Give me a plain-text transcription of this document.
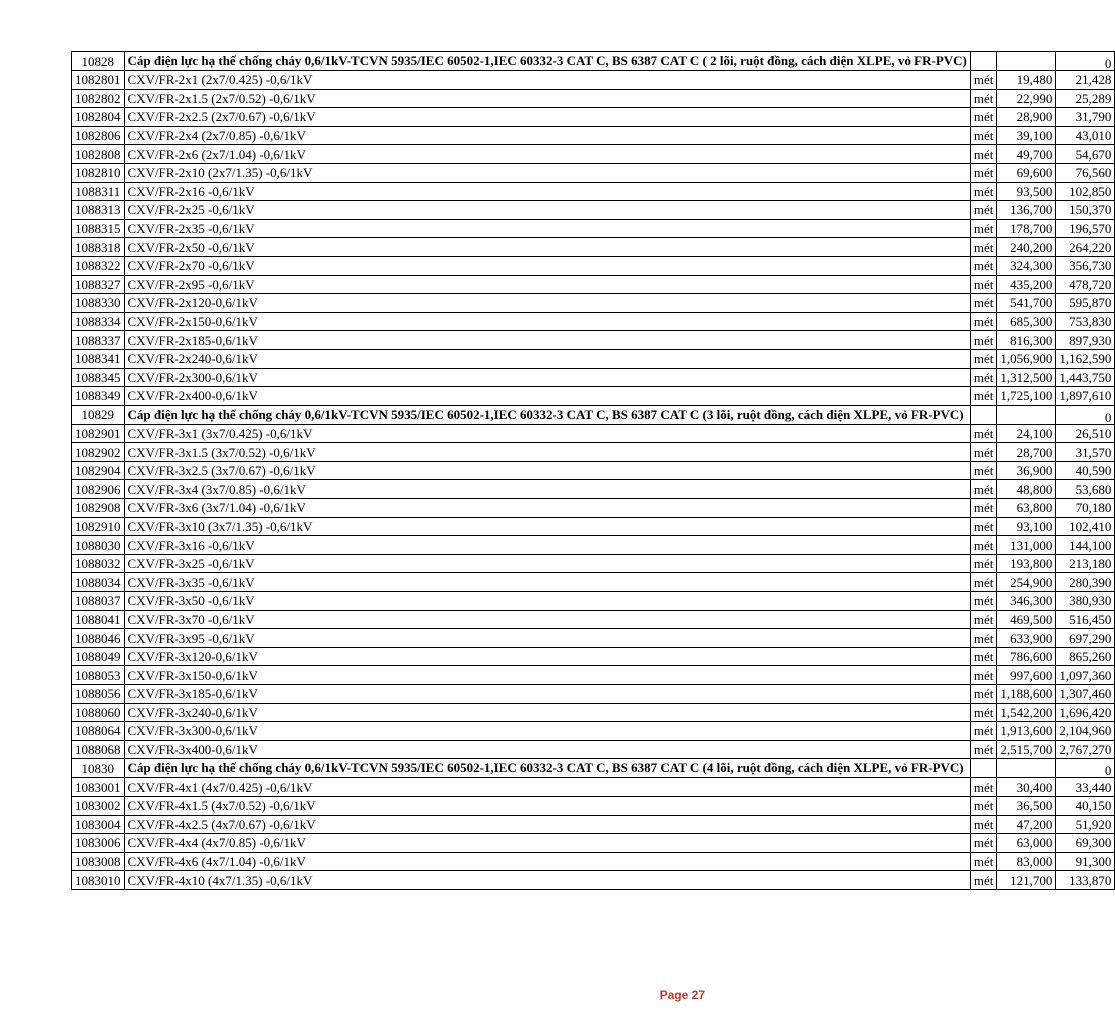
10828	Cáp điện lực hạ thế chống cháy 0,6/1kV-TCVN 5935/IEC 60502-1,IEC 60332-3 CAT C, BS 6387 CAT C ( 2 lõi, ruột đồng, cách điện XLPE, vỏ FR-PVC)			0
1082801	CXV/FR-2x1 (2x7/0.425) -0,6/1kV	mét	19,480	21,428
1082802	CXV/FR-2x1.5 (2x7/0.52) -0,6/1kV	mét	22,990	25,289
1082804	CXV/FR-2x2.5 (2x7/0.67) -0,6/1kV	mét	28,900	31,790
1082806	CXV/FR-2x4 (2x7/0.85) -0,6/1kV	mét	39,100	43,010
1082808	CXV/FR-2x6 (2x7/1.04) -0,6/1kV	mét	49,700	54,670
1082810	CXV/FR-2x10 (2x7/1.35) -0,6/1kV	mét	69,600	76,560
1088311	CXV/FR-2x16 -0,6/1kV	mét	93,500	102,850
1088313	CXV/FR-2x25 -0,6/1kV	mét	136,700	150,370
1088315	CXV/FR-2x35 -0,6/1kV	mét	178,700	196,570
1088318	CXV/FR-2x50 -0,6/1kV	mét	240,200	264,220
1088322	CXV/FR-2x70 -0,6/1kV	mét	324,300	356,730
1088327	CXV/FR-2x95 -0,6/1kV	mét	435,200	478,720
1088330	CXV/FR-2x120-0,6/1kV	mét	541,700	595,870
1088334	CXV/FR-2x150-0,6/1kV	mét	685,300	753,830
1088337	CXV/FR-2x185-0,6/1kV	mét	816,300	897,930
1088341	CXV/FR-2x240-0,6/1kV	mét	1,056,900	1,162,590
1088345	CXV/FR-2x300-0,6/1kV	mét	1,312,500	1,443,750
1088349	CXV/FR-2x400-0,6/1kV	mét	1,725,100	1,897,610
10829	Cáp điện lực hạ thế chống cháy 0,6/1kV-TCVN 5935/IEC 60502-1,IEC 60332-3 CAT C, BS 6387 CAT C (3 lõi, ruột đồng, cách điện XLPE, vỏ FR-PVC)			0
1082901	CXV/FR-3x1 (3x7/0.425) -0,6/1kV	mét	24,100	26,510
1082902	CXV/FR-3x1.5 (3x7/0.52) -0,6/1kV	mét	28,700	31,570
1082904	CXV/FR-3x2.5 (3x7/0.67) -0,6/1kV	mét	36,900	40,590
1082906	CXV/FR-3x4 (3x7/0.85) -0,6/1kV	mét	48,800	53,680
1082908	CXV/FR-3x6 (3x7/1.04) -0,6/1kV	mét	63,800	70,180
1082910	CXV/FR-3x10 (3x7/1.35) -0,6/1kV	mét	93,100	102,410
1088030	CXV/FR-3x16 -0,6/1kV	mét	131,000	144,100
1088032	CXV/FR-3x25 -0,6/1kV	mét	193,800	213,180
1088034	CXV/FR-3x35 -0,6/1kV	mét	254,900	280,390
1088037	CXV/FR-3x50 -0,6/1kV	mét	346,300	380,930
1088041	CXV/FR-3x70 -0,6/1kV	mét	469,500	516,450
1088046	CXV/FR-3x95 -0,6/1kV	mét	633,900	697,290
1088049	CXV/FR-3x120-0,6/1kV	mét	786,600	865,260
1088053	CXV/FR-3x150-0,6/1kV	mét	997,600	1,097,360
1088056	CXV/FR-3x185-0,6/1kV	mét	1,188,600	1,307,460
1088060	CXV/FR-3x240-0,6/1kV	mét	1,542,200	1,696,420
1088064	CXV/FR-3x300-0,6/1kV	mét	1,913,600	2,104,960
1088068	CXV/FR-3x400-0,6/1kV	mét	2,515,700	2,767,270
10830	Cáp điện lực hạ thế chống cháy 0,6/1kV-TCVN 5935/IEC 60502-1,IEC 60332-3 CAT C, BS 6387 CAT C (4 lõi, ruột đồng, cách điện XLPE, vỏ FR-PVC)			0
1083001	CXV/FR-4x1 (4x7/0.425) -0,6/1kV	mét	30,400	33,440
1083002	CXV/FR-4x1.5 (4x7/0.52) -0,6/1kV	mét	36,500	40,150
1083004	CXV/FR-4x2.5 (4x7/0.67) -0,6/1kV	mét	47,200	51,920
1083006	CXV/FR-4x4 (4x7/0.85) -0,6/1kV	mét	63,000	69,300
1083008	CXV/FR-4x6 (4x7/1.04) -0,6/1kV	mét	83,000	91,300
1083010	CXV/FR-4x10 (4x7/1.35) -0,6/1kV	mét	121,700	133,870
Page 27
